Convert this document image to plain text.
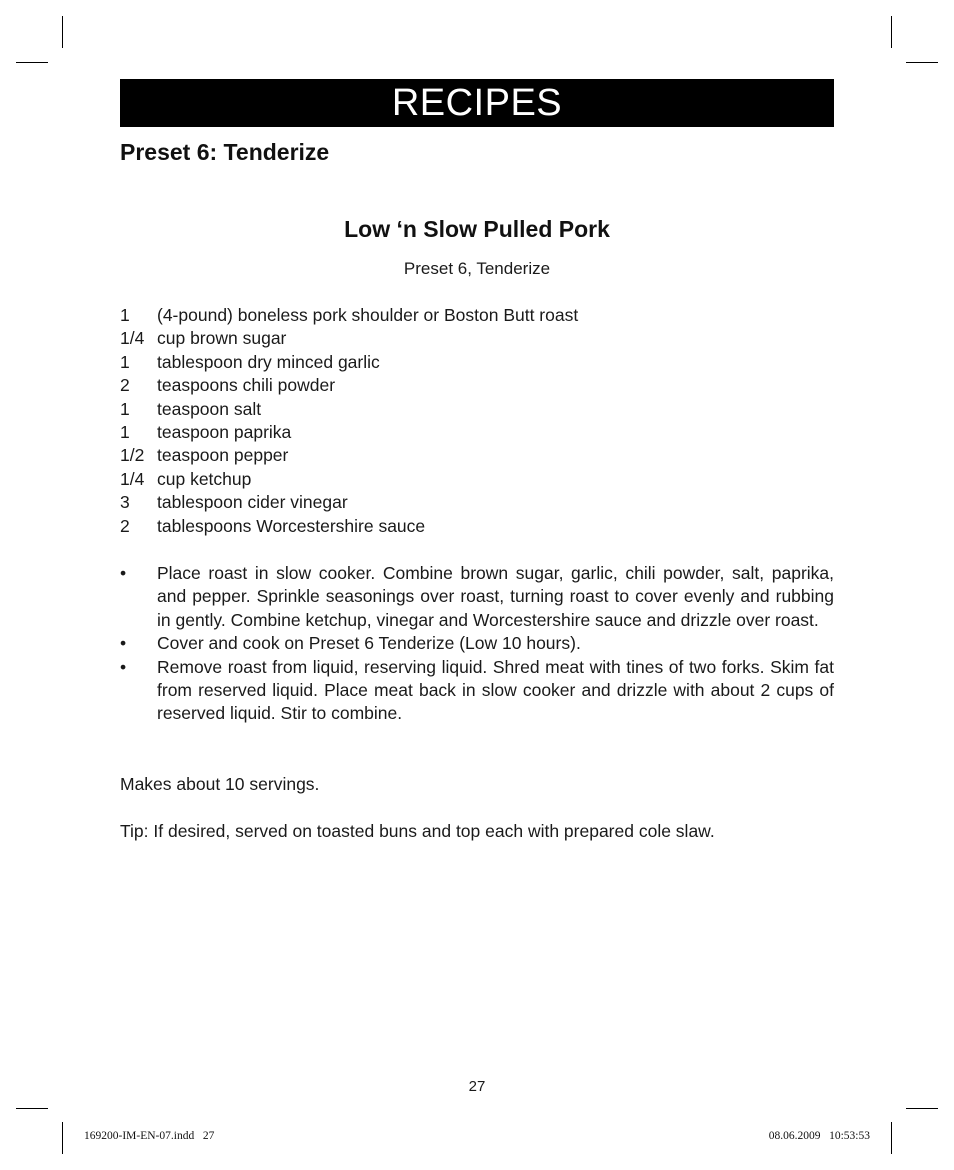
RECIPES
Preset 6: Tenderize
Low ‘n Slow Pulled Pork
Preset 6, Tenderize
1	(4-pound) boneless pork shoulder or Boston Butt roast
1/4 cup brown sugar
1	tablespoon dry minced garlic
2	teaspoons chili powder
1	teaspoon salt
1	teaspoon paprika
1/2 teaspoon pepper
1/4 cup ketchup
3	tablespoon cider vinegar
2	tablespoons Worcestershire sauce
•	Place roast in slow cooker. Combine brown sugar, garlic, chili powder, salt, paprika, and pepper. Sprinkle seasonings over roast, turning roast to cover evenly and rubbing in gently. Combine ketchup, vinegar and Worcestershire sauce and drizzle over roast.
•	Cover and cook on Preset 6 Tenderize (Low 10 hours).
•	Remove roast from liquid, reserving liquid. Shred meat with tines of two forks. Skim fat from reserved liquid. Place meat back in slow cooker and drizzle with about 2 cups of reserved liquid. Stir to combine.
Makes about 10 servings.
Tip: If desired, served on toasted buns and top each with prepared cole slaw.
27
169200-IM-EN-07.indd   27	08.06.2009   10:53:53
